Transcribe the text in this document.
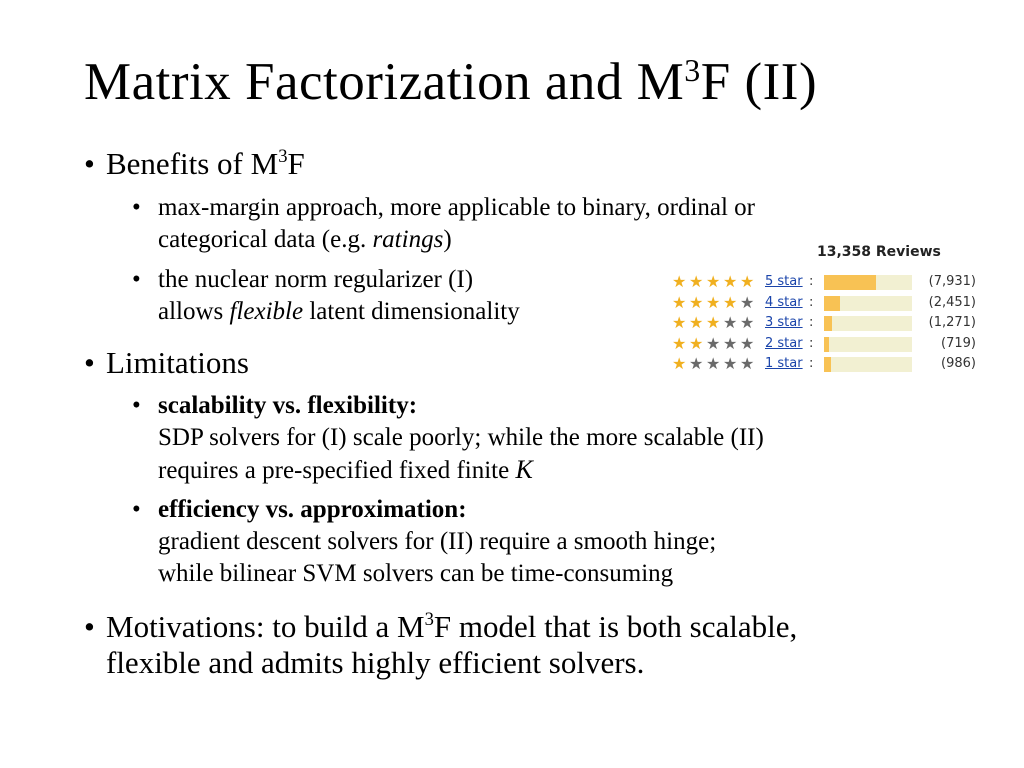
Matrix Factorization and $M^3F$ (II)
• Benefits of $M^3F$
• max-margin approach, more applicable to binary, ordinal or
categorical data (e.g. ratings)
• the nuclear norm regularizer (I)
allows flexible latent dimensionality
• Limitations
• scalability vs. flexibility:
SDP solvers for (I) scale poorly; while the more scalable (II)
requires a pre-specified fixed finite K
• efficiency vs. approximation:
gradient descent solvers for (II) require a smooth hinge;
while bilinear SVM solvers can be time-consuming
• Motivations: to build a $M^3F$ model that is both scalable,
flexible and admits highly efficient solvers.
13,358 Reviews
★ ★ ★ ★ ★ 5 star :	(7,931)
★ ★ ★ ★ ★ 4 star :	(2,451)
★ ★ ★ ★ ★ 3 star :	(1,271)
★ ★ ★ ★ ★ 2 star :	(719)
★ ★ ★ ★ ★ 1 star :	(986)
